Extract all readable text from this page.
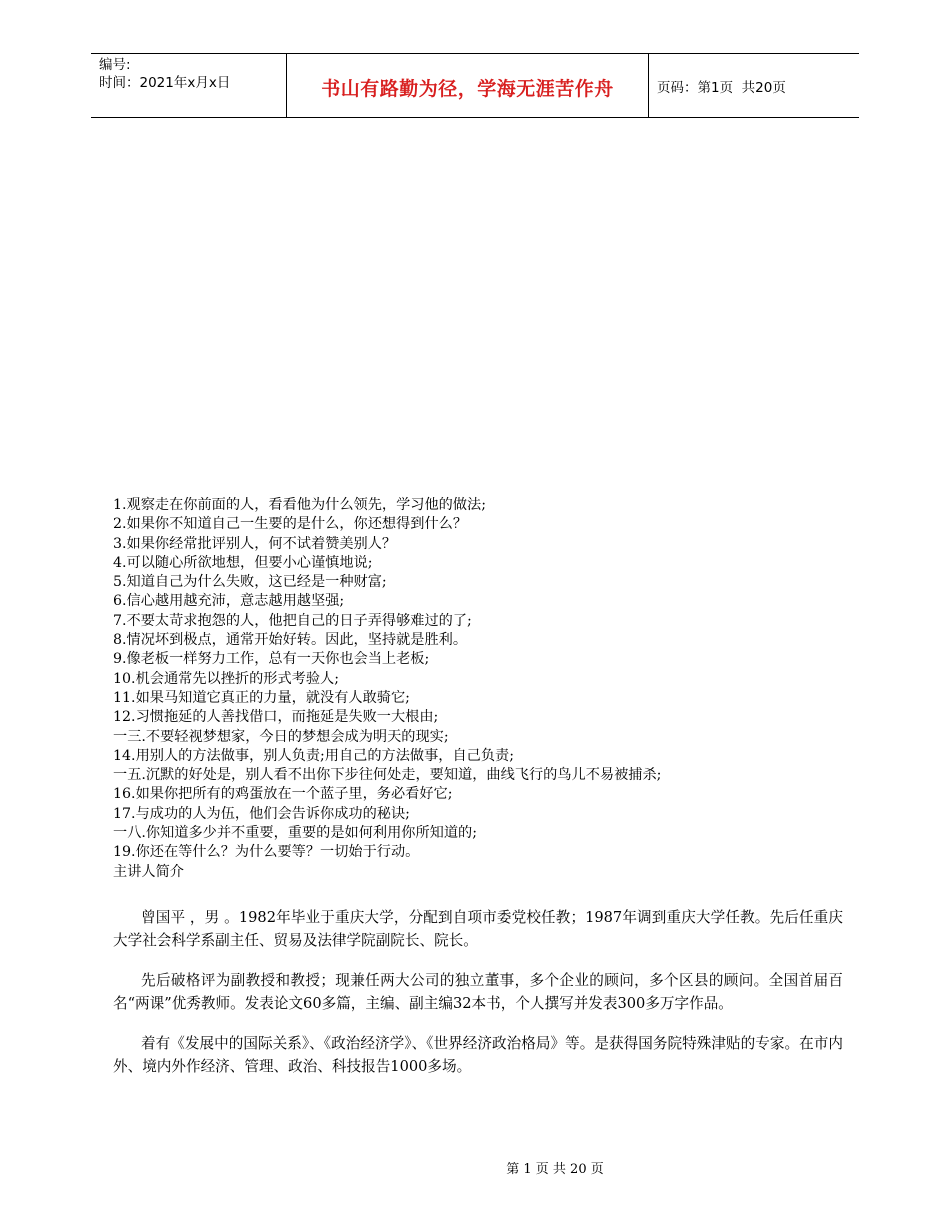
编号:
时间：2021年x月x日	书山有路勤为径，学海无涯苦作舟	页码：第1页  共20页
1.观察走在你前面的人，看看他为什么领先，学习他的做法;
2.如果你不知道自己一生要的是什么，你还想得到什么？
3.如果你经常批评别人，何不试着赞美别人？
4.可以随心所欲地想，但要小心谨慎地说;
5.知道自己为什么失败，这已经是一种财富;
6.信心越用越充沛，意志越用越坚强;
7.不要太苛求抱怨的人，他把自己的日子弄得够难过的了;
8.情况坏到极点，通常开始好转。因此，坚持就是胜利。
9.像老板一样努力工作，总有一天你也会当上老板;
10.机会通常先以挫折的形式考验人;
11.如果马知道它真正的力量，就没有人敢骑它;
12.习惯拖延的人善找借口，而拖延是失败一大根由;
一三.不要轻视梦想家，今日的梦想会成为明天的现实;
14.用别人的方法做事，别人负责;用自己的方法做事，自己负责;
一五.沉默的好处是，别人看不出你下步往何处走，要知道，曲线飞行的鸟儿不易被捕杀;
16.如果你把所有的鸡蛋放在一个蓝子里，务必看好它;
17.与成功的人为伍，他们会告诉你成功的秘诀;
一八.你知道多少并不重要，重要的是如何利用你所知道的;
19.你还在等什么？为什么要等？一切始于行动。
主讲人简介

曾国平 ，男 。1982年毕业于重庆大学，分配到自项市委党校任教；1987年调到重庆大学任教。先后任重庆大学社会科学系副主任、贸易及法律学院副院长、院长。

先后破格评为副教授和教授；现兼任两大公司的独立董事，多个企业的顾问，多个区县的顾问。全国首届百名“两课”优秀教师。发表论文60多篇，主编、副主编32本书，个人撰写并发表300多万字作品。

着有《发展中的国际关系》、《政治经济学》、《世界经济政治格局》等。是获得国务院特殊津贴的专家。在市内外、境内外作经济、管理、政治、科技报告1000多场。

第 1 页 共 20 页
